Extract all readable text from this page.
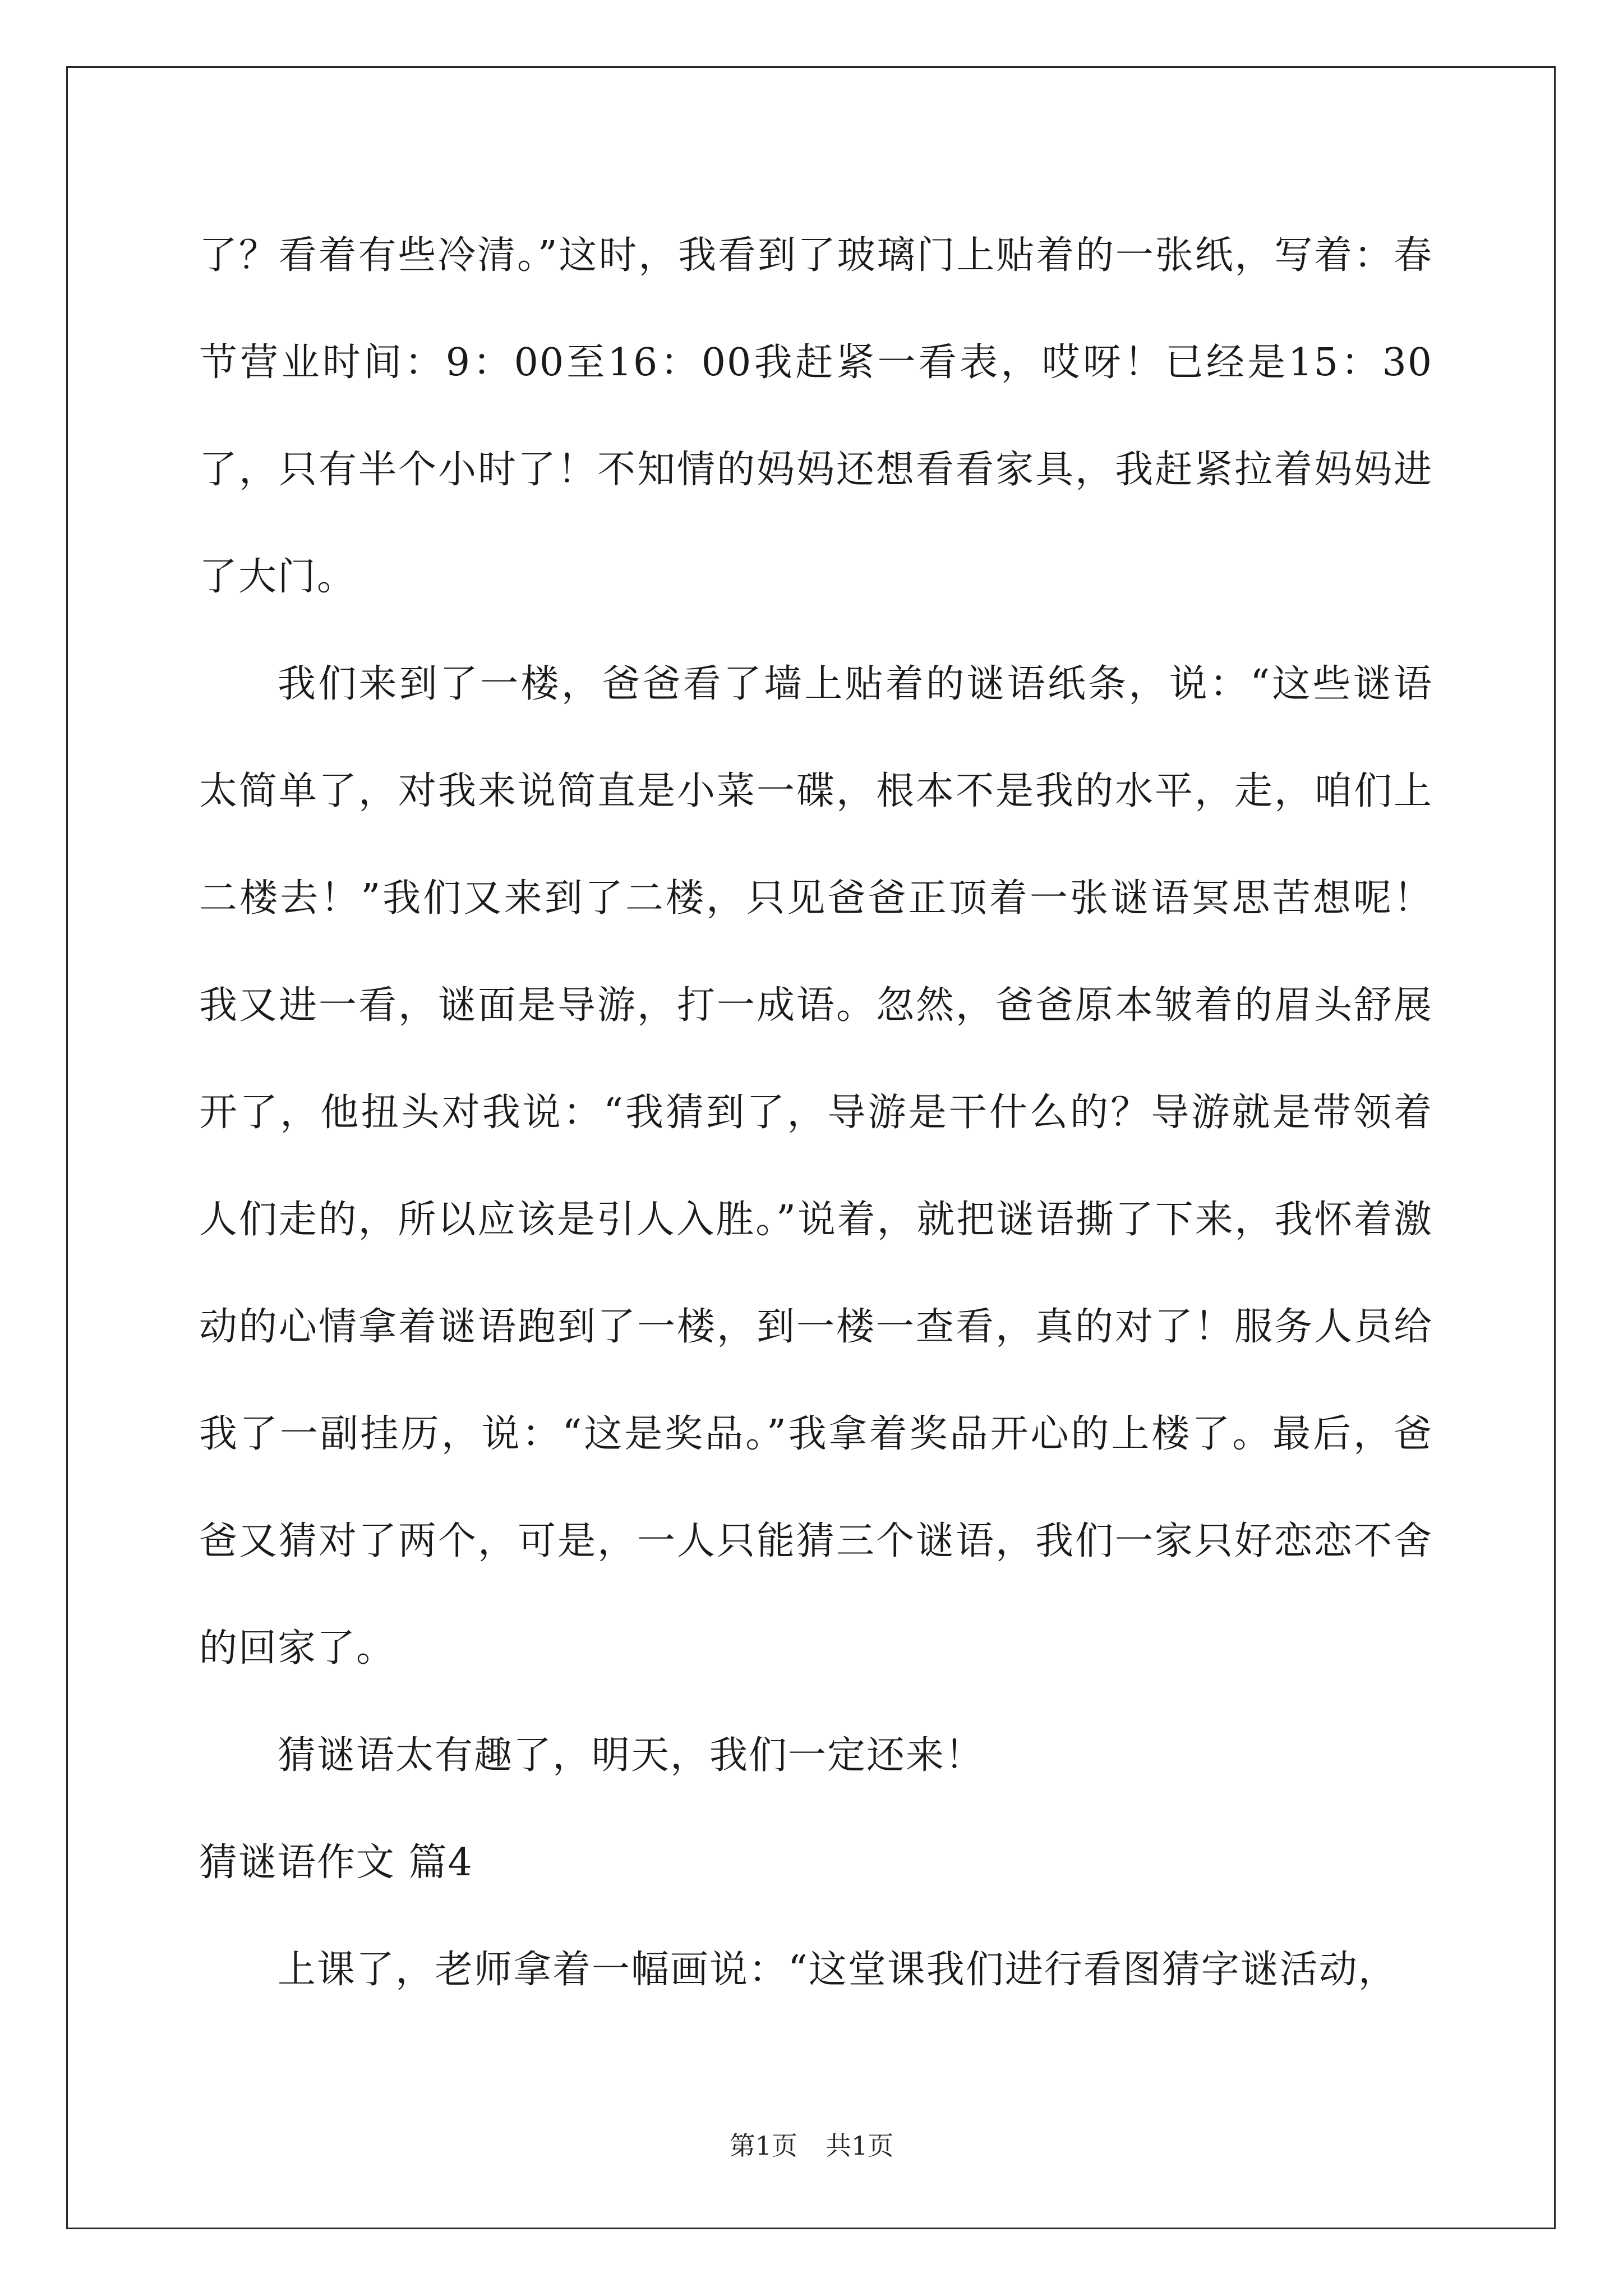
了？看着有些冷清。”这时，我看到了玻璃门上贴着的一张纸，写着：春节营业时间：9：00至16：00我赶紧一看表，哎呀！已经是15：30了，只有半个小时了！不知情的妈妈还想看看家具，我赶紧拉着妈妈进了大门。

我们来到了一楼，爸爸看了墙上贴着的谜语纸条，说：“这些谜语太简单了，对我来说简直是小菜一碟，根本不是我的水平，走，咱们上二楼去！”我们又来到了二楼，只见爸爸正顶着一张谜语冥思苦想呢！我又进一看，谜面是导游，打一成语。忽然，爸爸原本皱着的眉头舒展开了，他扭头对我说：“我猜到了，导游是干什么的？导游就是带领着人们走的，所以应该是引人入胜。”说着，就把谜语撕了下来，我怀着激动的心情拿着谜语跑到了一楼，到一楼一查看，真的对了！服务人员给我了一副挂历，说：“这是奖品。”我拿着奖品开心的上楼了。最后，爸爸又猜对了两个，可是，一人只能猜三个谜语，我们一家只好恋恋不舍的回家了。

猜谜语太有趣了，明天，我们一定还来！

猜谜语作文 篇4

上课了，老师拿着一幅画说：“这堂课我们进行看图猜字谜活动，

第1页 共1页
